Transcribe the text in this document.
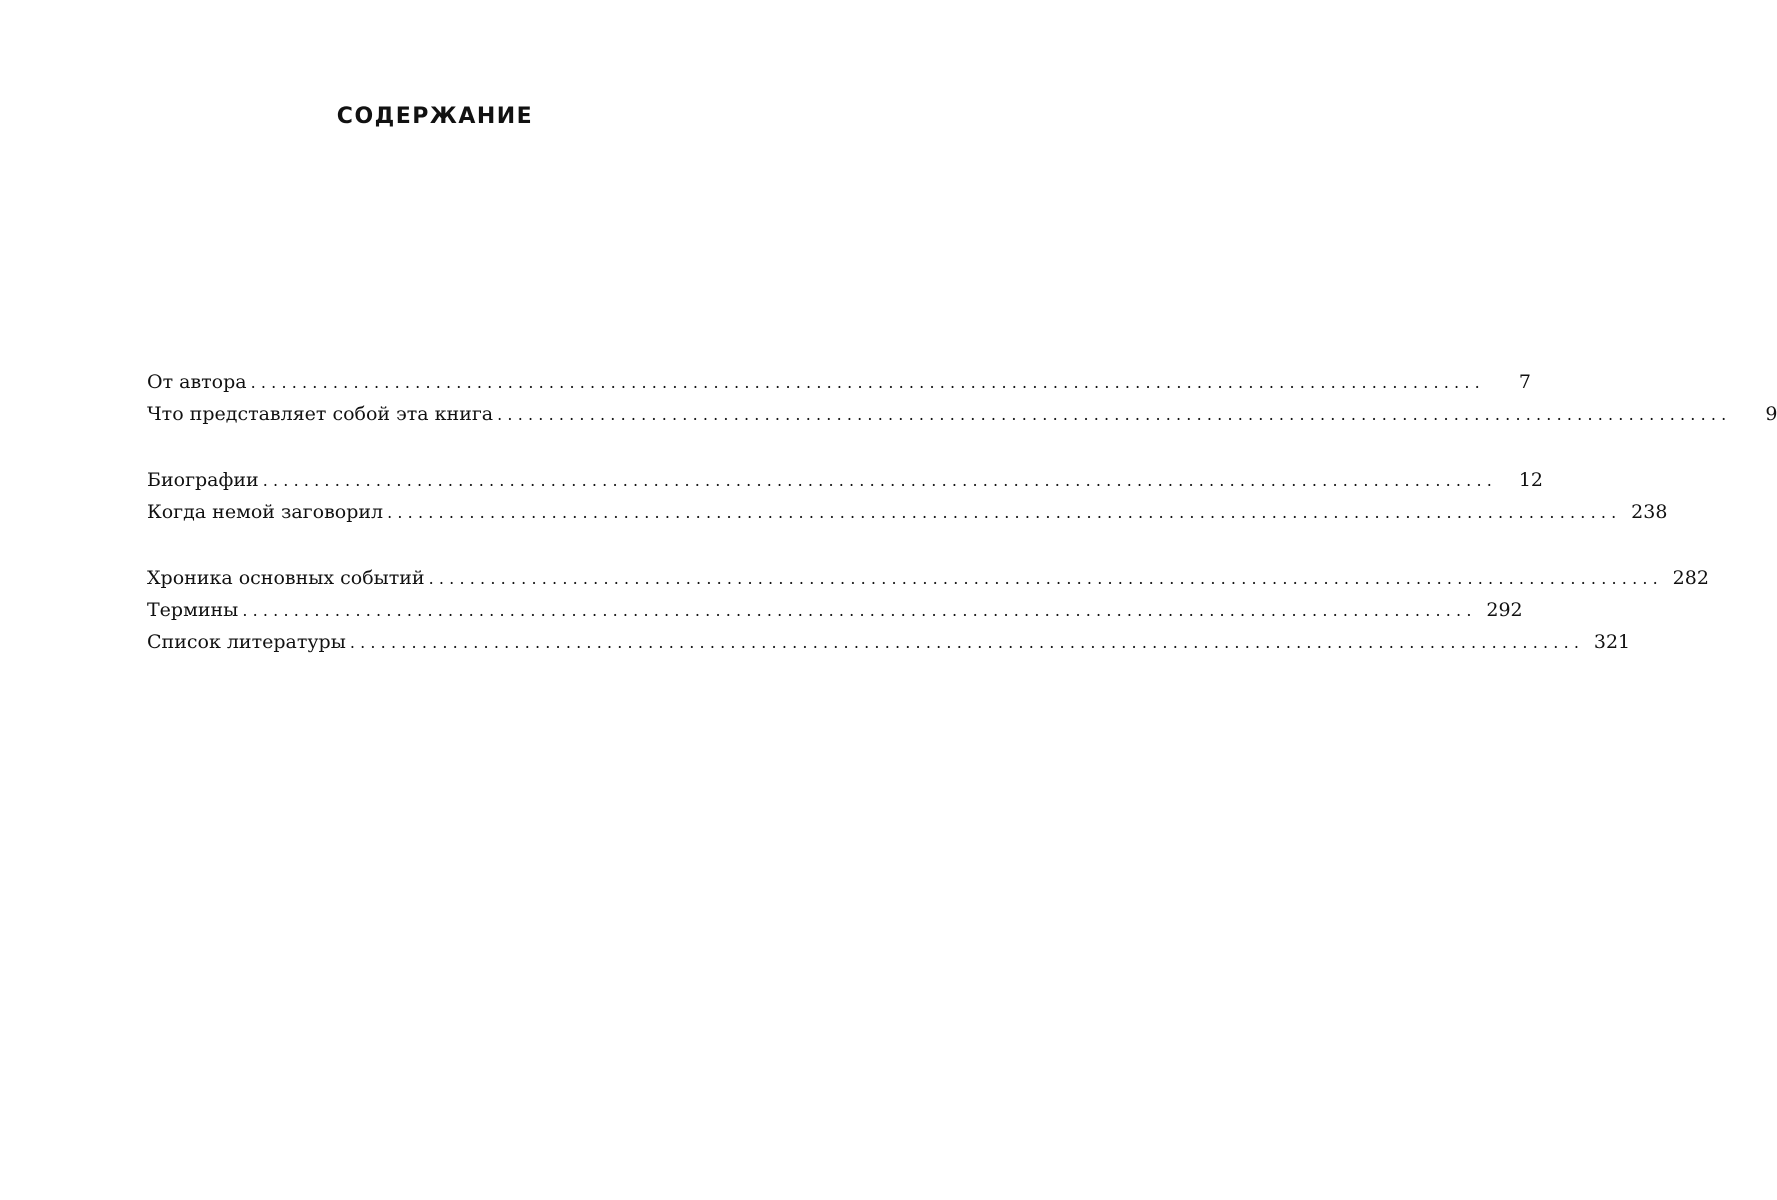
СОДЕРЖАНИЕ
От автора ........................................................................................................................	7
Что представляет собой эта книга ........................................................................................................................	9
Биографии ........................................................................................................................	12
Когда немой заговорил ........................................................................................................................ 238
Хроника основных событий ........................................................................................................................ 282
Термины ........................................................................................................................ 292
Список литературы ........................................................................................................................ 321
